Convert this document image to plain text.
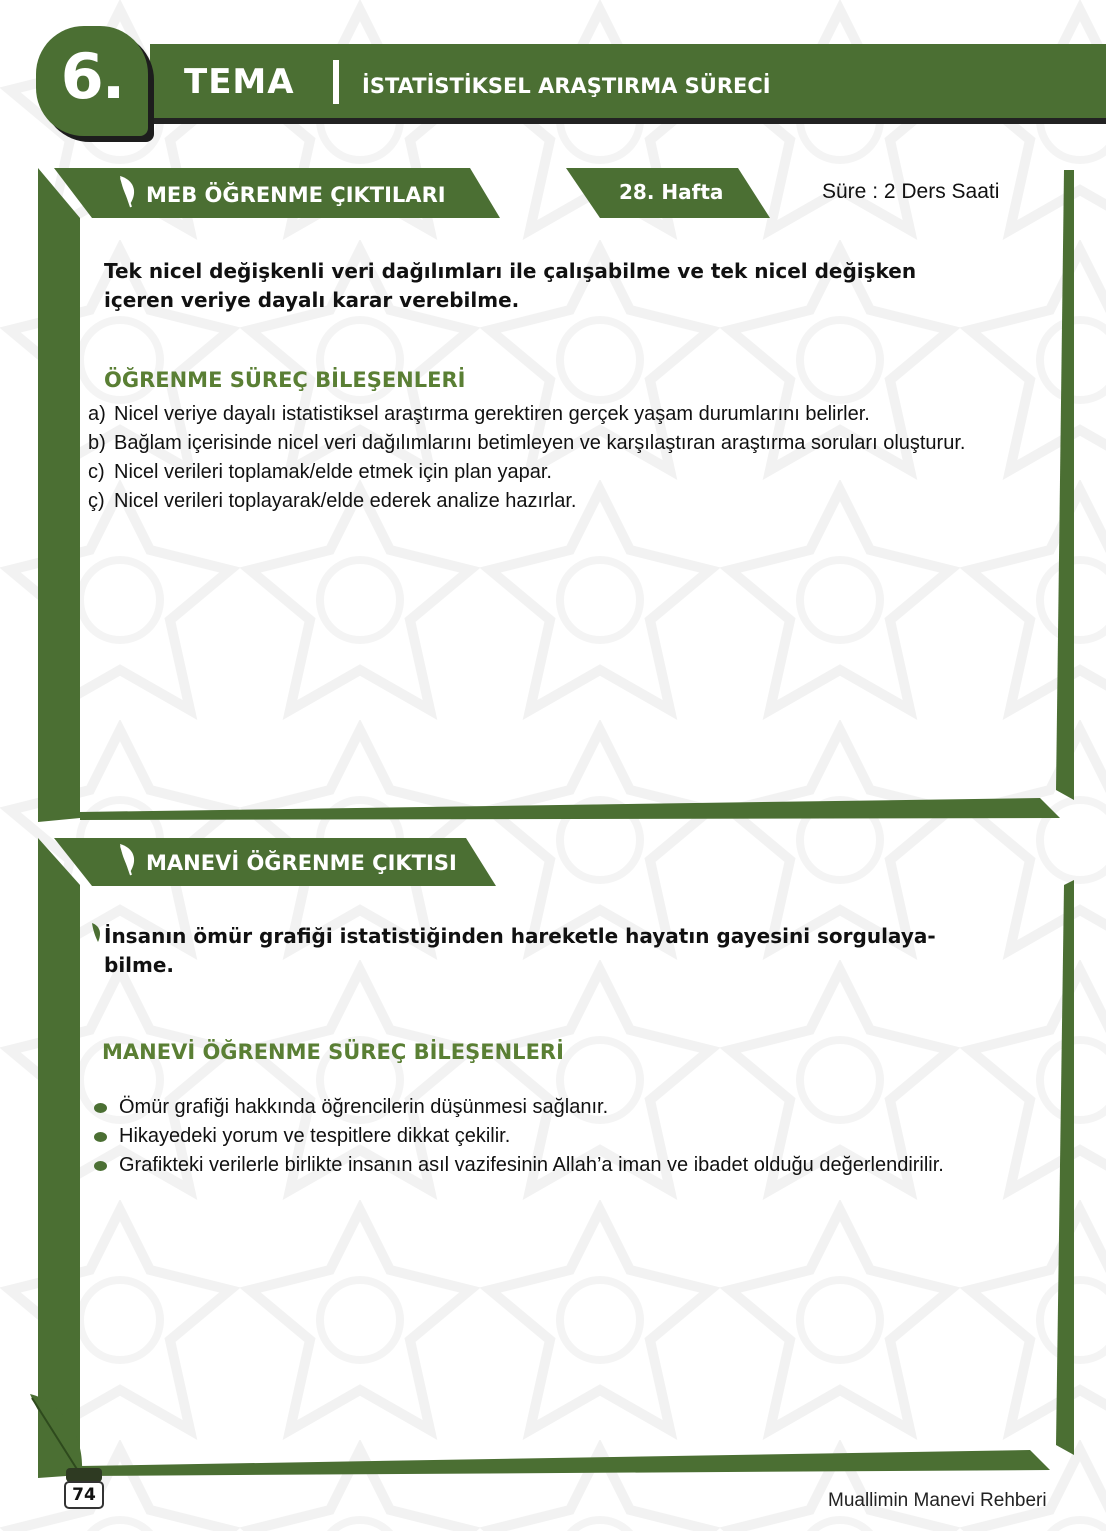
6.	TEMA	İSTATİSTİKSEL ARAŞTIRMA SÜRECİ
MEB ÖĞRENME ÇIKTILARI	28. Hafta	Süre : 2 Ders Saati
Tek nicel değişkenli veri dağılımları ile çalışabilme ve tek nicel değişken
içeren veriye dayalı karar verebilme.
ÖĞRENME SÜREÇ BİLEŞENLERİ
a) Nicel veriye dayalı istatistiksel araştırma gerektiren gerçek yaşam durumlarını belirler.
b) Bağlam içerisinde nicel veri dağılımlarını betimleyen ve karşılaştıran araştırma soruları oluşturur.
c) Nicel verileri toplamak/elde etmek için plan yapar.
ç) Nicel verileri toplayarak/elde ederek analize hazırlar.
MANEVİ ÖĞRENME ÇIKTISI
İnsanın ömür grafiği istatistiğinden hareketle hayatın gayesini sorgulaya-
bilme.
MANEVİ ÖĞRENME SÜREÇ BİLEŞENLERİ
Ömür grafiği hakkında öğrencilerin düşünmesi sağlanır.
Hikayedeki yorum ve tespitlere dikkat çekilir.
Grafikteki verilerle birlikte insanın asıl vazifesinin Allah’a iman ve ibadet olduğu değerlendirilir.
74	Muallimin Manevi Rehberi
